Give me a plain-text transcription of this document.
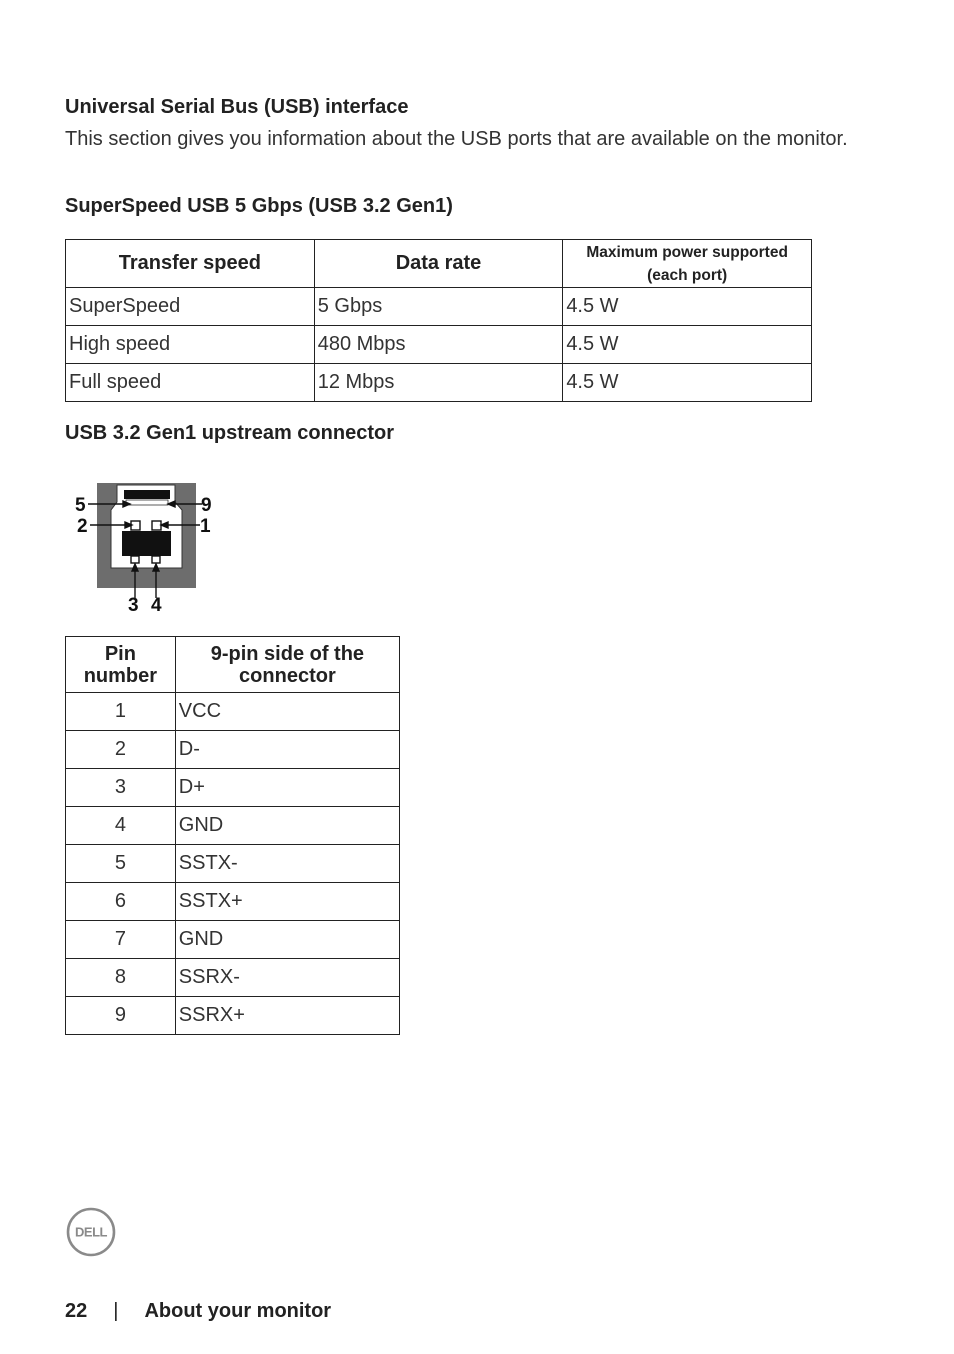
Universal Serial Bus (USB) interface

This section gives you information about the USB ports that are available on the monitor.

SuperSpeed USB 5 Gbps (USB 3.2 Gen1)
Transfer speed	Data rate	Maximum power supported (each port)
SuperSpeed	5 Gbps	4.5 W
High speed	480 Mbps	4.5 W
Full speed	12 Mbps	4.5 W
USB 3.2 Gen1 upstream connector
5	9
2	1
3 4
Pin number	9-pin side of the connector
1	VCC
2	D-
3	D+
4	GND
5	SSTX-
6	SSTX+
7	GND
8	SSRX-
9	SSRX+
DELL
22 | About your monitor
